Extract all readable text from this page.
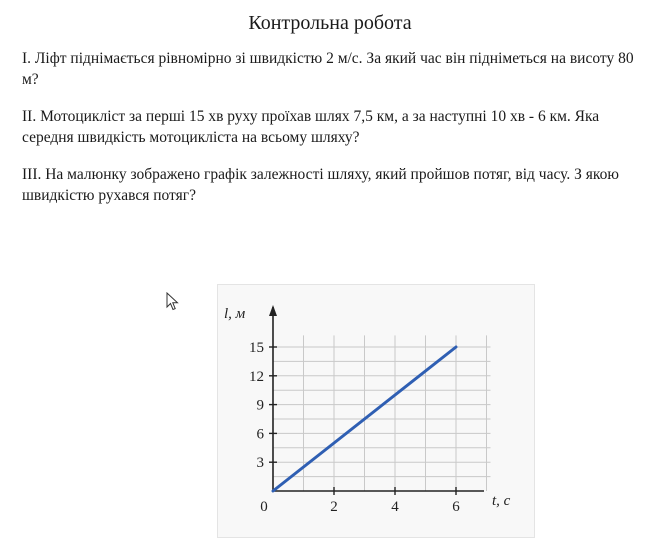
Контрольна робота
І. Ліфт піднімається рівномірно зі швидкістю 2 м/с. За який час він підніметься на висоту 80 м?
ІІ. Мотоцикліст за перші 15 хв руху проїхав шлях 7,5 км, а за наступні 10 хв - 6 км. Яка середня швидкість мотоцикліста на всьому шляху?
ІІІ. На малюнку зображено графік залежності шляху, який пройшов потяг, від часу. З якою швидкістю рухався потяг?
l, м
t, c
3
6
9
12
15
0	2	4	6
